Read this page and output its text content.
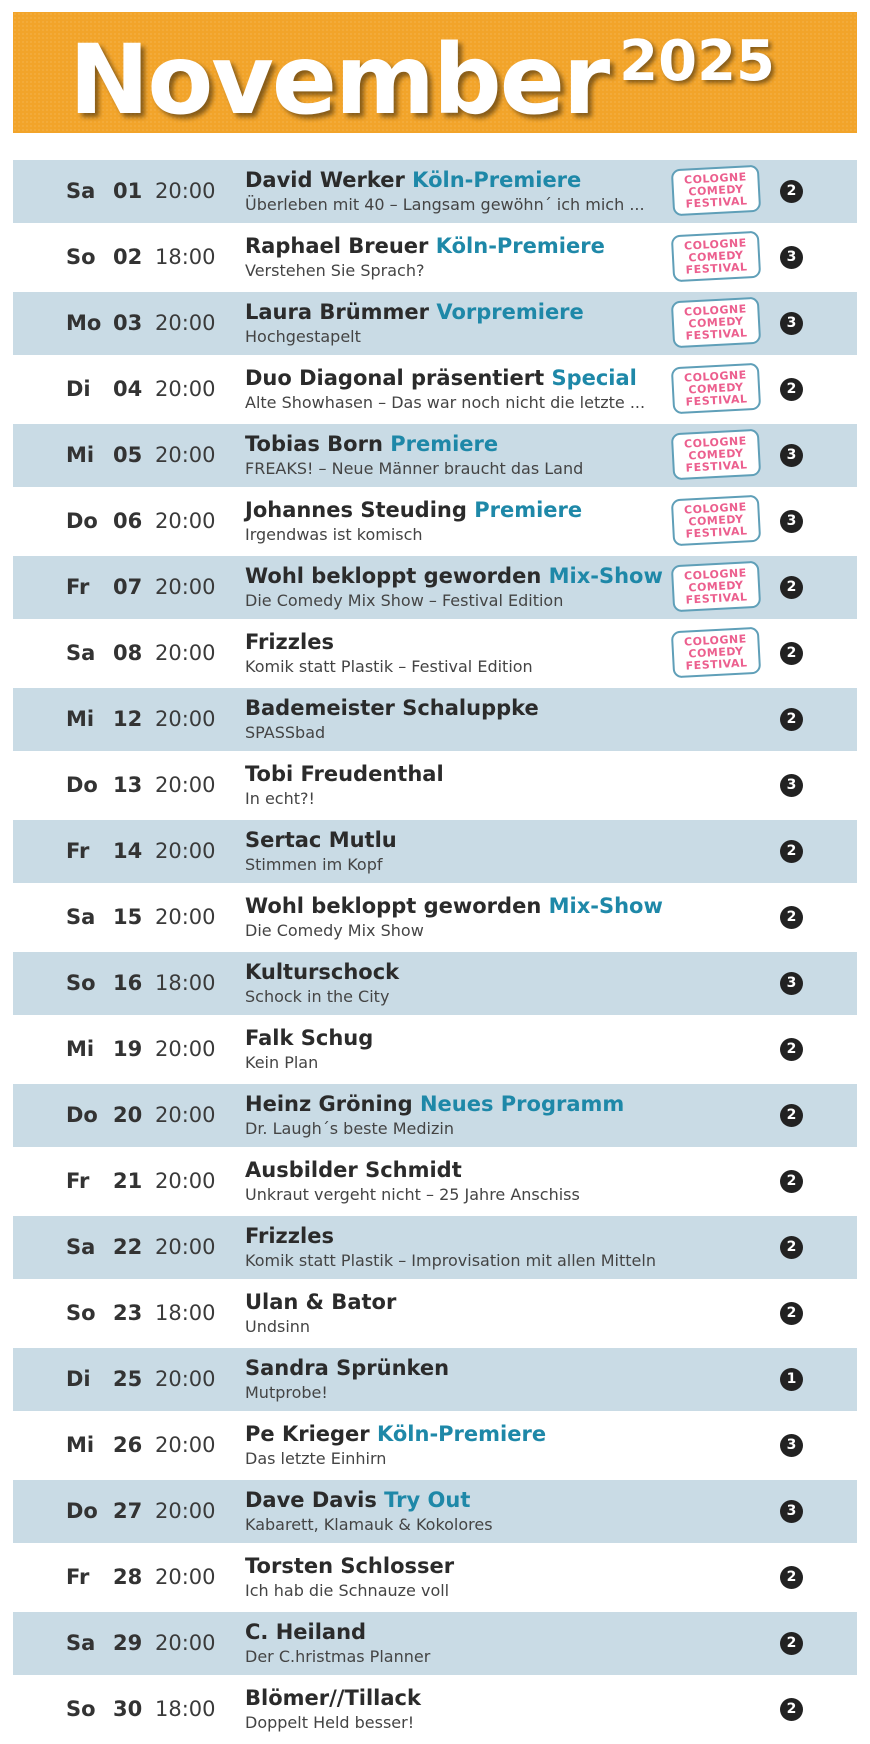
November 2025
Sa 01 20:00 David Werker Köln-Premiere
Überleben mit 40 – Langsam gewöhn´ ich mich ...
COLOGNE
COMEDY
FESTIVAL
2
So 02 18:00 Raphael Breuer Köln-Premiere
Verstehen Sie Sprach?
COLOGNE
COMEDY
FESTIVAL
3
Mo 03 20:00 Laura Brümmer Vorpremiere
Hochgestapelt
COLOGNE
COMEDY
FESTIVAL
3
Di 04 20:00 Duo Diagonal präsentiert Special
Alte Showhasen – Das war noch nicht die letzte ...
COLOGNE
COMEDY
FESTIVAL
2
Mi 05 20:00 Tobias Born Premiere
FREAKS! – Neue Männer braucht das Land
COLOGNE
COMEDY
FESTIVAL
3
Do 06 20:00 Johannes Steuding Premiere
Irgendwas ist komisch
COLOGNE
COMEDY
FESTIVAL
3
Fr 07 20:00 Wohl bekloppt geworden Mix-Show
Die Comedy Mix Show – Festival Edition
COLOGNE
COMEDY
FESTIVAL
2
Sa 08 20:00 Frizzles
Komik statt Plastik – Festival Edition
COLOGNE
COMEDY
FESTIVAL
2
Mi 12 20:00 Bademeister Schaluppke
SPASSbad
2
Do 13 20:00 Tobi Freudenthal
In echt?!
3
Fr 14 20:00 Sertac Mutlu
Stimmen im Kopf
2
Sa 15 20:00 Wohl bekloppt geworden Mix-Show
Die Comedy Mix Show
2
So 16 18:00 Kulturschock
Schock in the City
3
Mi 19 20:00 Falk Schug
Kein Plan
2
Do 20 20:00 Heinz Gröning Neues Programm
Dr. Laugh´s beste Medizin
2
Fr 21 20:00 Ausbilder Schmidt
Unkraut vergeht nicht – 25 Jahre Anschiss
2
Sa 22 20:00 Frizzles
Komik statt Plastik – Improvisation mit allen Mitteln
2
So 23 18:00 Ulan & Bator
Undsinn
2
Di 25 20:00 Sandra Sprünken
Mutprobe!
1
Mi 26 20:00 Pe Krieger Köln-Premiere
Das letzte Einhirn
3
Do 27 20:00 Dave Davis Try Out
Kabarett, Klamauk & Kokolores
3
Fr 28 20:00 Torsten Schlosser
Ich hab die Schnauze voll
2
Sa 29 20:00 C. Heiland
Der C.hristmas Planner
2
So 30 18:00 Blömer//Tillack
Doppelt Held besser!
2
